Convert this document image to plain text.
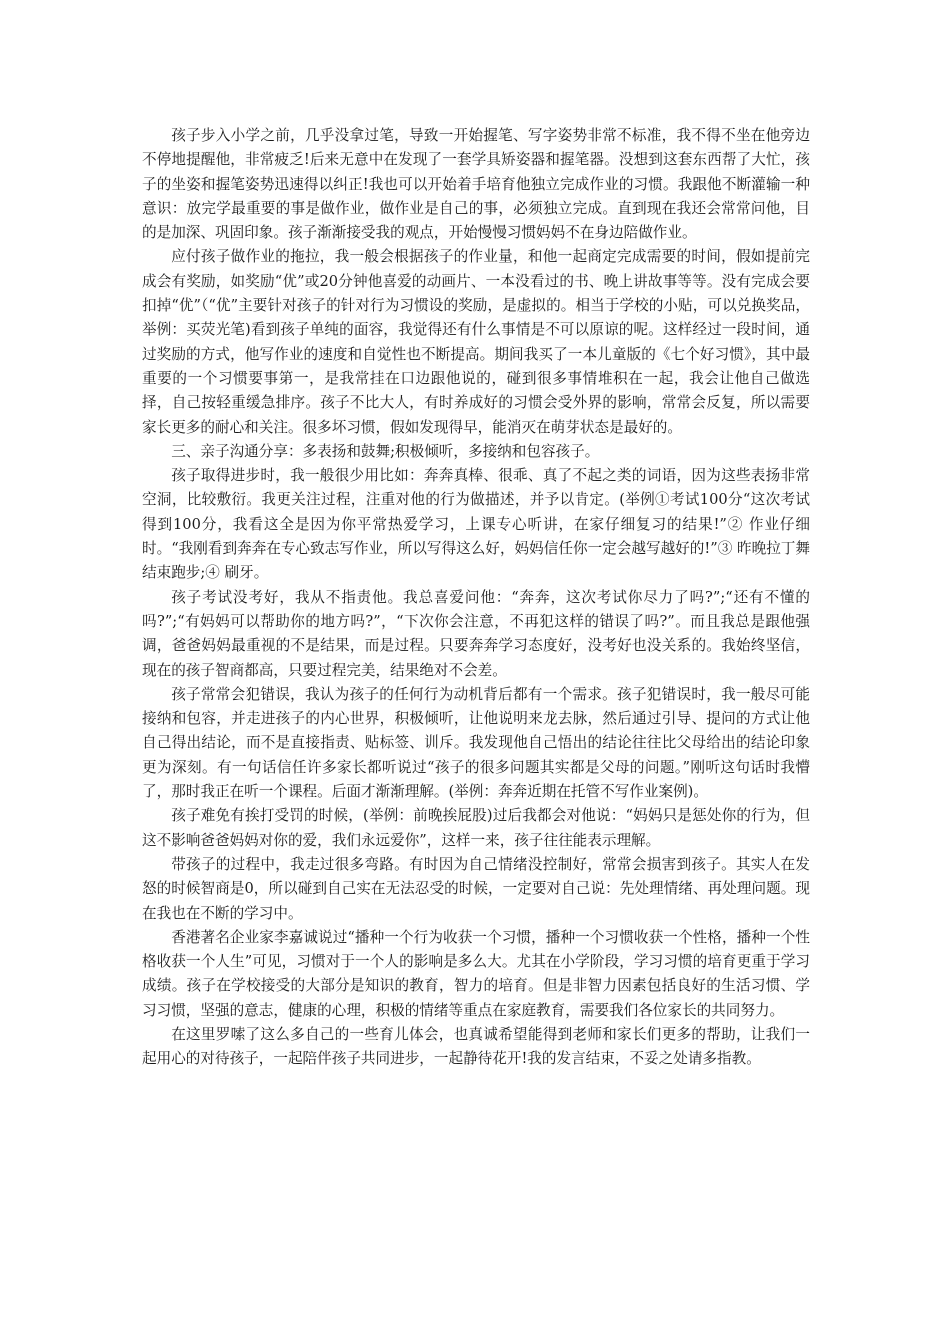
孩子步入小学之前，几乎没拿过笔，导致一开始握笔、写字姿势非常不标准，我不得不坐在他旁边不停地提醒他，非常疲乏!后来无意中在发现了一套学具矫姿器和握笔器。没想到这套东西帮了大忙，孩子的坐姿和握笔姿势迅速得以纠正!我也可以开始着手培育他独立完成作业的习惯。我跟他不断灌输一种意识：放完学最重要的事是做作业，做作业是自己的事，必须独立完成。直到现在我还会常常问他，目的是加深、巩固印象。孩子渐渐接受我的观点，开始慢慢习惯妈妈不在身边陪做作业。

应付孩子做作业的拖拉，我一般会根据孩子的作业量，和他一起商定完成需要的时间，假如提前完成会有奖励，如奖励“优”或20分钟他喜爱的动画片、一本没看过的书、晚上讲故事等等。没有完成会要扣掉“优”（“优”主要针对孩子的针对行为习惯设的奖励，是虚拟的。相当于学校的小贴，可以兑换奖品，举例：买荧光笔)看到孩子单纯的面容，我觉得还有什么事情是不可以原谅的呢。这样经过一段时间，通过奖励的方式，他写作业的速度和自觉性也不断提高。期间我买了一本儿童版的《七个好习惯》，其中最重要的一个习惯要事第一，是我常挂在口边跟他说的，碰到很多事情堆积在一起，我会让他自己做选择，自己按轻重缓急排序。孩子不比大人，有时养成好的习惯会受外界的影响，常常会反复，所以需要家长更多的耐心和关注。很多坏习惯，假如发现得早，能消灭在萌芽状态是最好的。

三、亲子沟通分享：多表扬和鼓舞;积极倾听，多接纳和包容孩子。

孩子取得进步时，我一般很少用比如：奔奔真棒、很乖、真了不起之类的词语，因为这些表扬非常空洞，比较敷衍。我更关注过程，注重对他的行为做描述，并予以肯定。(举例①考试100分“这次考试得到100分，我看这全是因为你平常热爱学习，上课专心听讲，在家仔细复习的结果!”② 作业仔细时。“我刚看到奔奔在专心致志写作业，所以写得这么好，妈妈信任你一定会越写越好的!”③ 昨晚拉丁舞结束跑步;④ 刷牙。

孩子考试没考好，我从不指责他。我总喜爱问他：“奔奔，这次考试你尽力了吗?”;“还有不懂的吗?”;“有妈妈可以帮助你的地方吗?”，“下次你会注意，不再犯这样的错误了吗?”。而且我总是跟他强调，爸爸妈妈最重视的不是结果，而是过程。只要奔奔学习态度好，没考好也没关系的。我始终坚信，现在的孩子智商都高，只要过程完美，结果绝对不会差。

孩子常常会犯错误，我认为孩子的任何行为动机背后都有一个需求。孩子犯错误时，我一般尽可能接纳和包容，并走进孩子的内心世界，积极倾听，让他说明来龙去脉，然后通过引导、提问的方式让他自己得出结论，而不是直接指责、贴标签、训斥。我发现他自己悟出的结论往往比父母给出的结论印象更为深刻。有一句话信任许多家长都听说过“孩子的很多问题其实都是父母的问题。”刚听这句话时我懵了，那时我正在听一个课程。后面才渐渐理解。(举例：奔奔近期在托管不写作业案例)。

孩子难免有挨打受罚的时候，(举例：前晚挨屁股)过后我都会对他说：“妈妈只是惩处你的行为，但这不影响爸爸妈妈对你的爱，我们永远爱你”，这样一来，孩子往往能表示理解。

带孩子的过程中，我走过很多弯路。有时因为自己情绪没控制好，常常会损害到孩子。其实人在发怒的时候智商是0，所以碰到自己实在无法忍受的时候，一定要对自己说：先处理情绪、再处理问题。现在我也在不断的学习中。

香港著名企业家李嘉诚说过“播种一个行为收获一个习惯，播种一个习惯收获一个性格，播种一个性格收获一个人生”可见，习惯对于一个人的影响是多么大。尤其在小学阶段，学习习惯的培育更重于学习成绩。孩子在学校接受的大部分是知识的教育，智力的培育。但是非智力因素包括良好的生活习惯、学习习惯，坚强的意志，健康的心理，积极的情绪等重点在家庭教育，需要我们各位家长的共同努力。

在这里罗嗦了这么多自己的一些育儿体会，也真诚希望能得到老师和家长们更多的帮助，让我们一起用心的对待孩子，一起陪伴孩子共同进步，一起静待花开!我的发言结束，不妥之处请多指教。
